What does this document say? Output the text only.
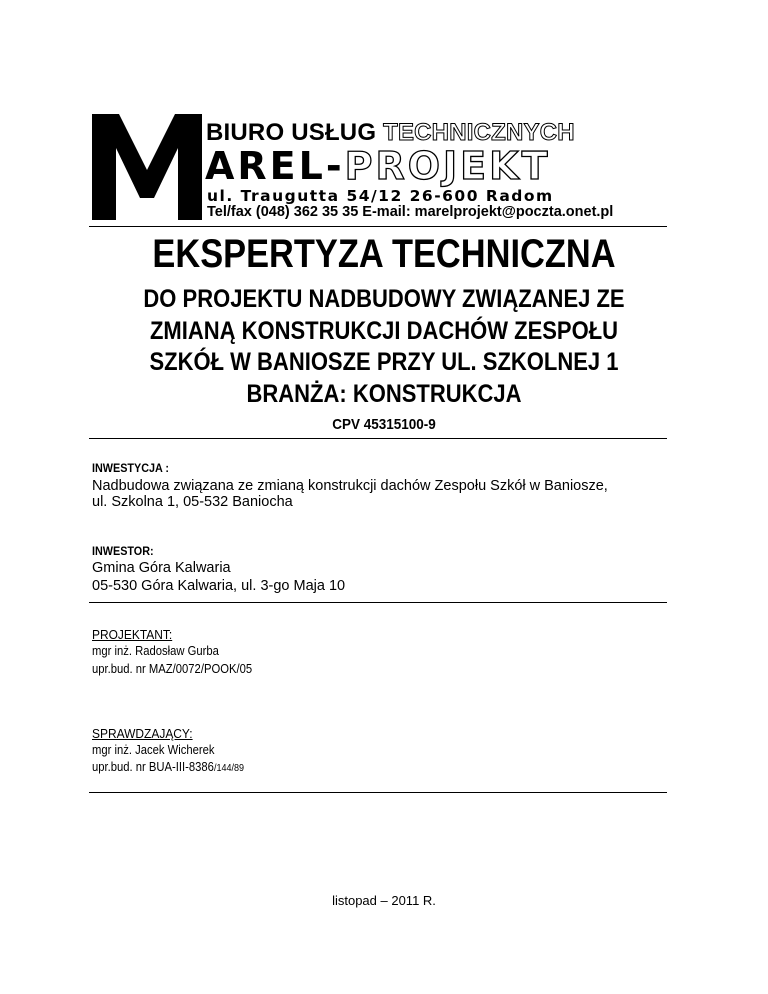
BIURO USŁUG TECHNICZNYCH
AREL-PROJEKT
ul. Traugutta 54/12 26-600 Radom
Tel/fax (048) 362 35 35 E-mail: marelprojekt@poczta.onet.pl
EKSPERTYZA TECHNICZNA
DO PROJEKTU NADBUDOWY ZWIĄZANEJ ZE
ZMIANĄ KONSTRUKCJI DACHÓW ZESPOŁU
SZKÓŁ W BANIOSZE PRZY UL. SZKOLNEJ 1
BRANŻA: KONSTRUKCJA
CPV 45315100-9
INWESTYCJA :
Nadbudowa związana ze zmianą konstrukcji dachów Zespołu Szkół w Baniosze,
ul. Szkolna 1, 05-532 Baniocha
INWESTOR:
Gmina Góra Kalwaria
05-530 Góra Kalwaria, ul. 3-go Maja 10
PROJEKTANT:
mgr inż. Radosław Gurba
upr.bud. nr MAZ/0072/POOK/05
SPRAWDZAJĄCY:
mgr inż. Jacek Wicherek
upr.bud. nr BUA-III-8386/144/89
listopad – 2011 R.
